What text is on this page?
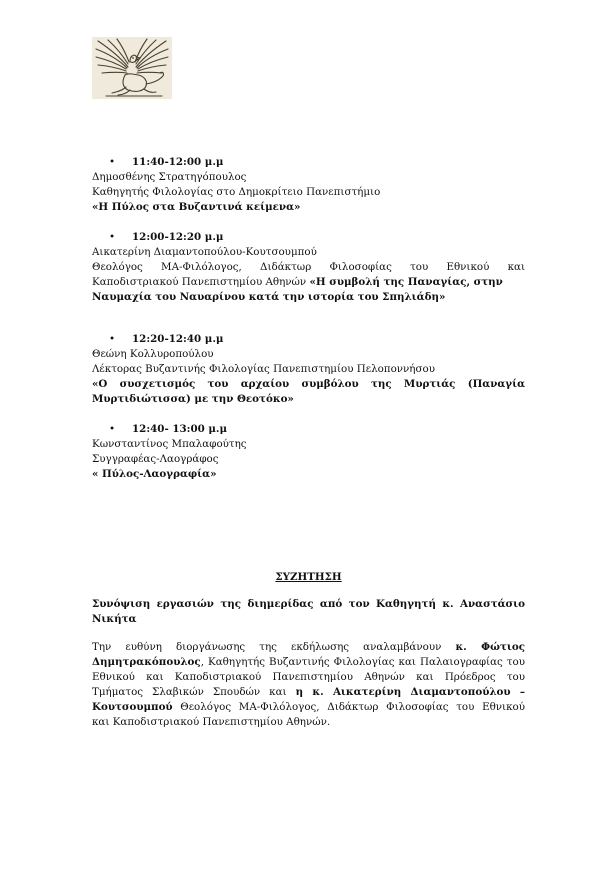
• 11:40-12:00 μ.μ
Δημοσθένης Στρατηγόπουλος
Καθηγητής Φιλολογίας στο Δημοκρίτειο Πανεπιστήμιο
«Η Πύλος στα Βυζαντινά κείμενα»
• 12:00-12:20 μ.μ
Αικατερίνη Διαμαντοπούλου-Κουτσουμπού
Θεολόγος ΜΑ-Φιλόλογος, Διδάκτωρ Φιλοσοφίας του Εθνικού και
Καποδιστριακού Πανεπιστημίου Αθηνών «Η συμβολή της Παναγίας, στην
Ναυμαχία του Ναυαρίνου κατά την ιστορία του Σπηλιάδη»
• 12:20-12:40 μ.μ
Θεώνη Κολλυροπούλου
Λέκτορας Βυζαντινής Φιλολογίας Πανεπιστημίου Πελοποννήσου
«Ο συσχετισμός του αρχαίου συμβόλου της Μυρτιάς (Παναγία
Μυρτιδιώτισσα) με την Θεοτόκο»
• 12:40- 13:00 μ.μ
Κωνσταντίνος Μπαλαφούτης
Συγγραφέας-Λαογράφος
« Πύλος-Λαογραφία»
ΣΥΖΗΤΗΣΗ
Συνόψιση εργασιών της διημερίδας από τον Καθηγητή κ. Αναστάσιο
Νικήτα
Την ευθύνη διοργάνωσης της εκδήλωσης αναλαμβάνουν κ. Φώτιος
Δημητρακόπουλος, Καθηγητής Βυζαντινής Φιλολογίας και Παλαιογραφίας του
Εθνικού και Καποδιστριακού Πανεπιστημίου Αθηνών και Πρόεδρος του
Τμήματος Σλαβικών Σπουδών και η κ. Αικατερίνη Διαμαντοπούλου –
Κουτσουμπού Θεολόγος ΜΑ-Φιλόλογος, Διδάκτωρ Φιλοσοφίας του Εθνικού
και Καποδιστριακού Πανεπιστημίου Αθηνών.
